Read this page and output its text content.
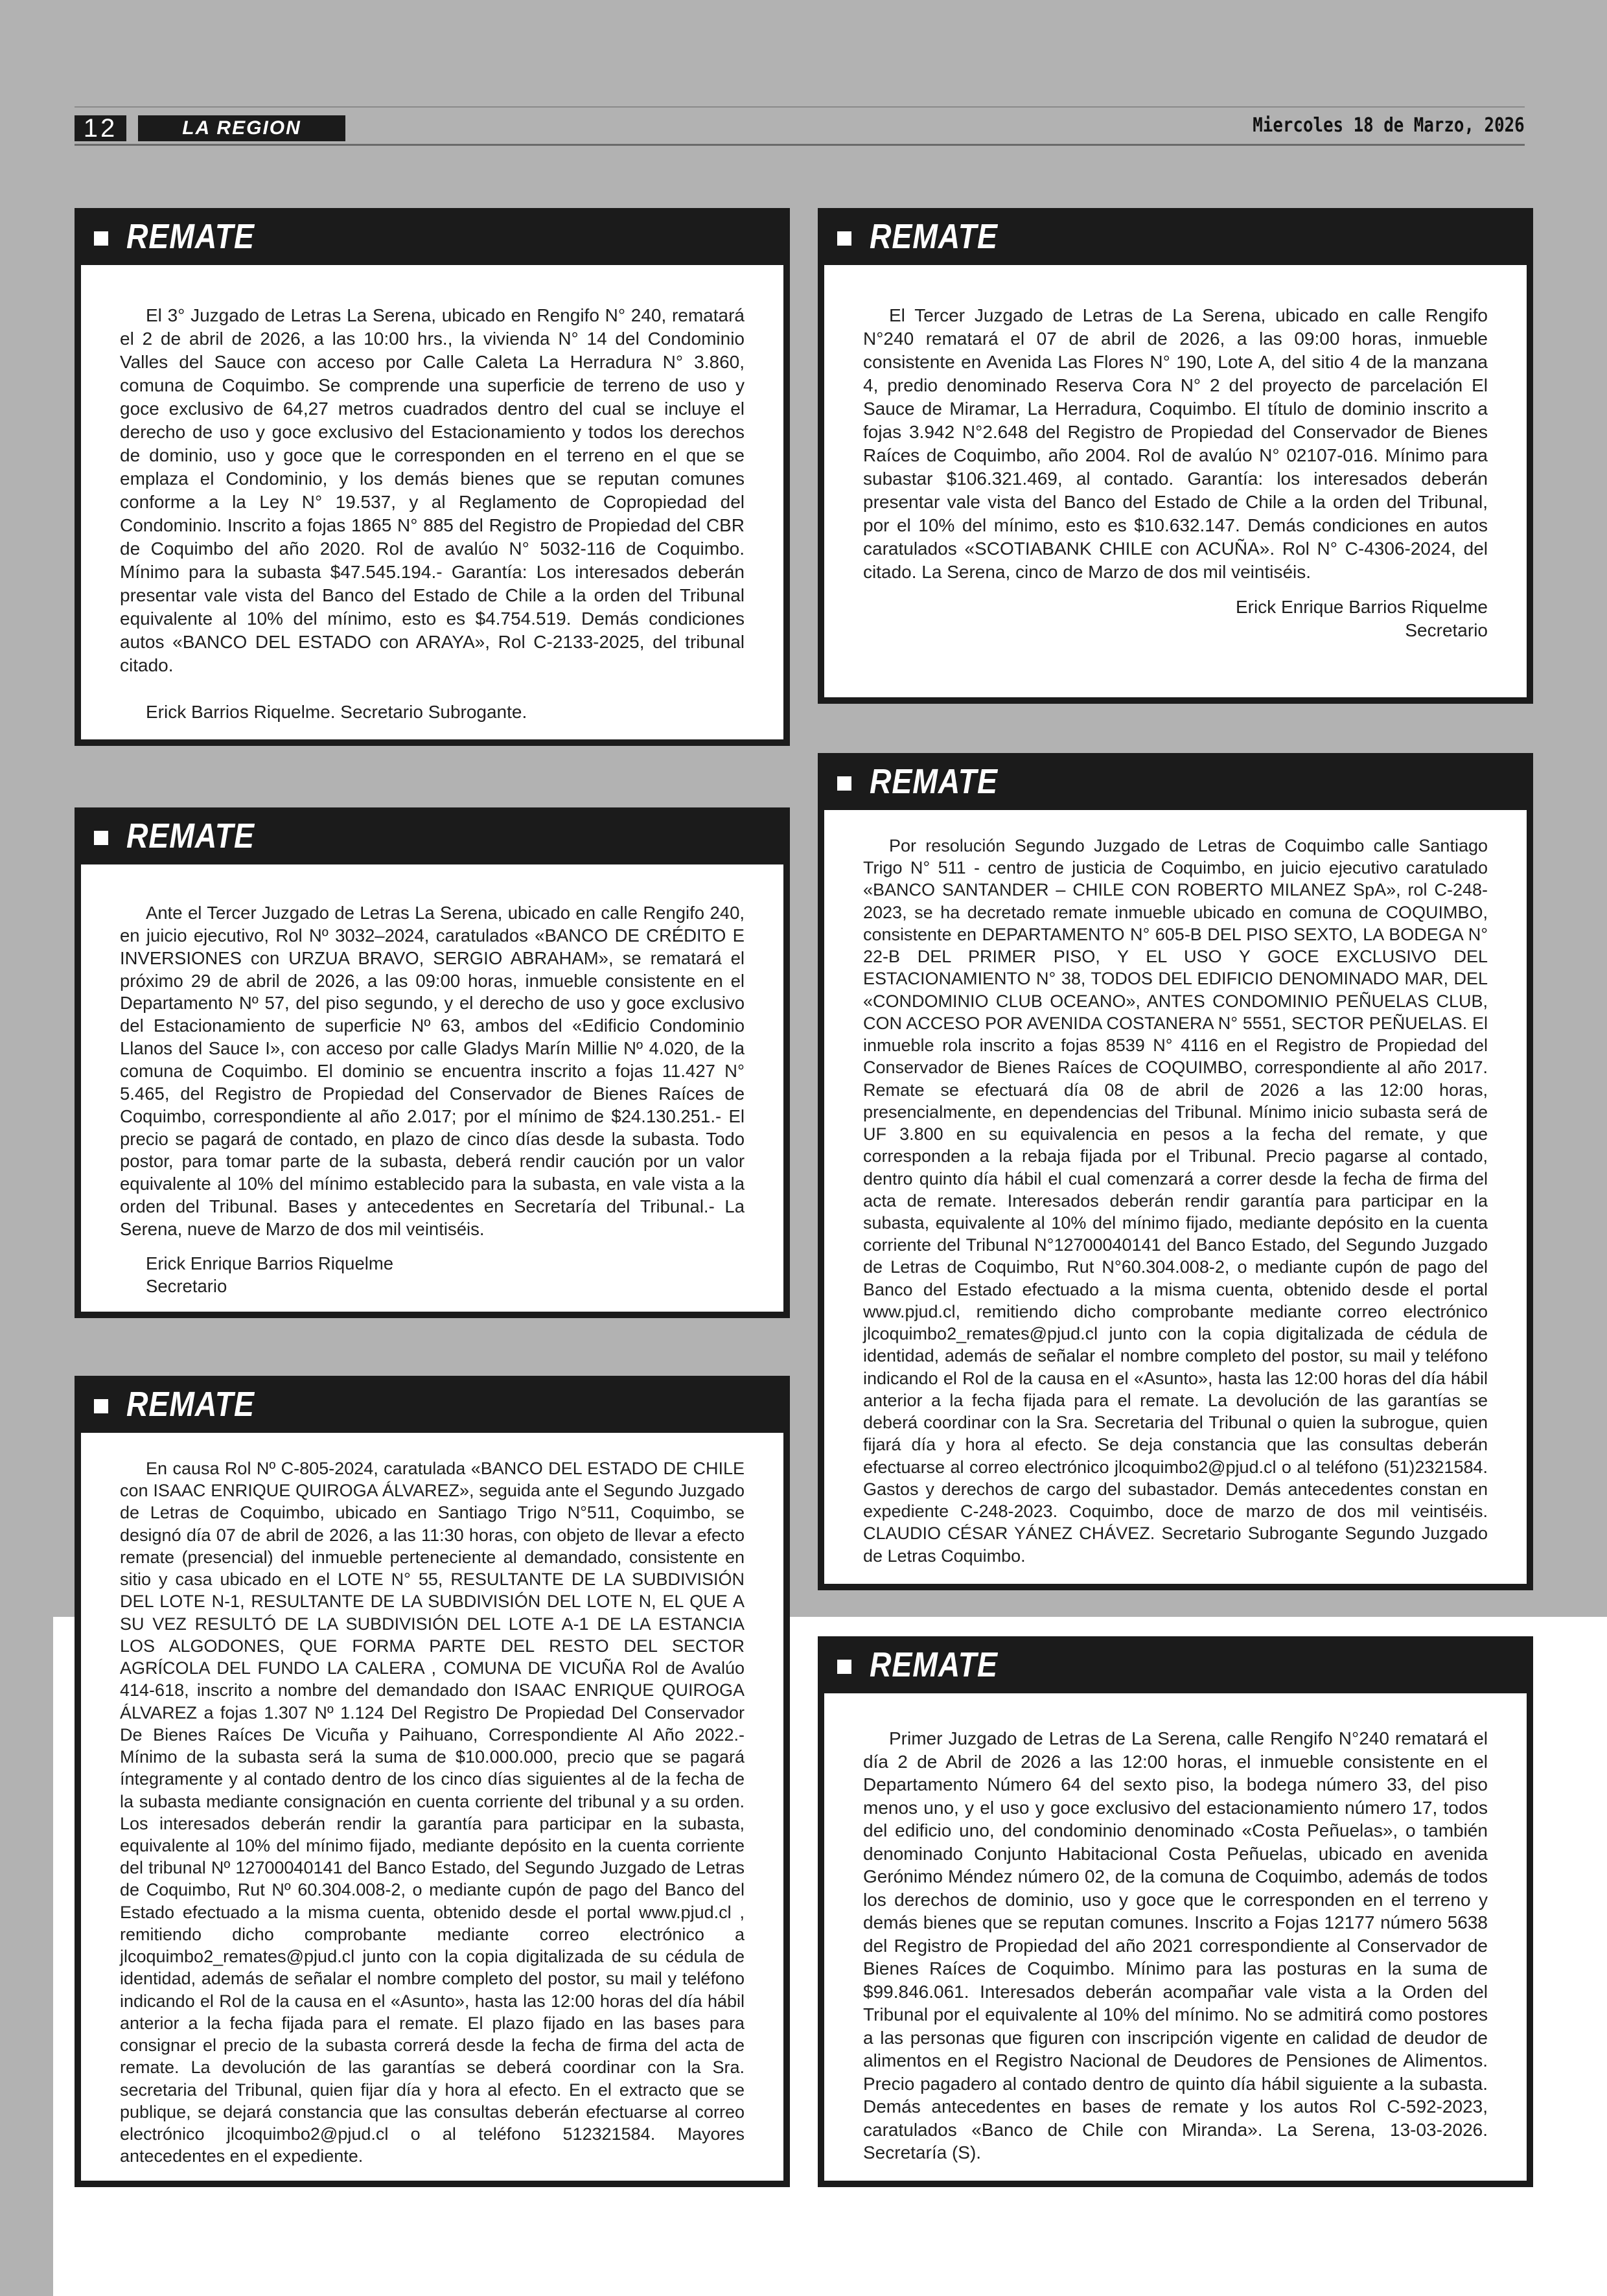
12	LA REGION	Miercoles 18 de Marzo, 2026
REMATE

El 3° Juzgado de Letras La Serena, ubicado en Rengifo N° 240, rematará el 2 de abril de 2026, a las 10:00 hrs., la vivienda N° 14 del Condominio Valles del Sauce con acceso por Calle Caleta La Herradura N° 3.860, comuna de Coquimbo. Se comprende una superficie de terreno de uso y goce exclusivo de 64,27 metros cuadrados dentro del cual se incluye el derecho de uso y goce exclusivo del Estacionamiento y todos los derechos de dominio, uso y goce que le corresponden en el terreno en el que se emplaza el Condominio, y los demás bienes que se reputan comunes conforme a la Ley N° 19.537, y al Reglamento de Copropiedad del Condominio. Inscrito a fojas 1865 N° 885 del Registro de Propiedad del CBR de Coquimbo del año 2020. Rol de avalúo N° 5032-116 de Coquimbo. Mínimo para la subasta $47.545.194.- Garantía: Los interesados deberán presentar vale vista del Banco del Estado de Chile a la orden del Tribunal equivalente al 10% del mínimo, esto es $4.754.519. Demás condiciones autos «BANCO DEL ESTADO con ARAYA», Rol C-2133-2025, del tribunal citado.

Erick Barrios Riquelme. Secretario Subrogante.

REMATE

Ante el Tercer Juzgado de Letras La Serena, ubicado en calle Rengifo 240, en juicio ejecutivo, Rol Nº 3032–2024, caratulados «BANCO DE CRÉDITO E INVERSIONES con URZUA BRAVO, SERGIO ABRAHAM», se rematará el próximo 29 de abril de 2026, a las 09:00 horas, inmueble consistente en el Departamento Nº 57, del piso segundo, y el derecho de uso y goce exclusivo del Estacionamiento de superficie Nº 63, ambos del «Edificio Condominio Llanos del Sauce I», con acceso por calle Gladys Marín Millie Nº 4.020, de la comuna de Coquimbo. El dominio se encuentra inscrito a fojas 11.427 N° 5.465, del Registro de Propiedad del Conservador de Bienes Raíces de Coquimbo, correspondiente al año 2.017; por el mínimo de $24.130.251.- El precio se pagará de contado, en plazo de cinco días desde la subasta. Todo postor, para tomar parte de la subasta, deberá rendir caución por un valor equivalente al 10% del mínimo establecido para la subasta, en vale vista a la orden del Tribunal. Bases y antecedentes en Secretaría del Tribunal.- La Serena, nueve de Marzo de dos mil veintiséis.

Erick Enrique Barrios Riquelme

Secretario

REMATE

En causa Rol Nº C-805-2024, caratulada «BANCO DEL ESTADO DE CHILE con ISAAC ENRIQUE QUIROGA ÁLVAREZ», seguida ante el Segundo Juzgado de Letras de Coquimbo, ubicado en Santiago Trigo N°511, Coquimbo, se designó día 07 de abril de 2026, a las 11:30 horas, con objeto de llevar a efecto remate (presencial) del inmueble perteneciente al demandado, consistente en sitio y casa ubicado en el LOTE N° 55, RESULTANTE DE LA SUBDIVISIÓN DEL LOTE N-1, RESULTANTE DE LA SUBDIVISIÓN DEL LOTE N, EL QUE A SU VEZ RESULTÓ DE LA SUBDIVISIÓN DEL LOTE A-1 DE LA ESTANCIA LOS ALGODONES, QUE FORMA PARTE DEL RESTO DEL SECTOR AGRÍCOLA DEL FUNDO LA CALERA , COMUNA DE VICUÑA Rol de Avalúo 414-618, inscrito a nombre del demandado don ISAAC ENRIQUE QUIROGA ÁLVAREZ a fojas 1.307 Nº 1.124 Del Registro De Propiedad Del Conservador De Bienes Raíces De Vicuña y Paihuano, Correspondiente Al Año 2022.- Mínimo de la subasta será la suma de $10.000.000, precio que se pagará íntegramente y al contado dentro de los cinco días siguientes al de la fecha de la subasta mediante consignación en cuenta corriente del tribunal y a su orden. Los interesados deberán rendir la garantía para participar en la subasta, equivalente al 10% del mínimo fijado, mediante depósito en la cuenta corriente del tribunal Nº 12700040141 del Banco Estado, del Segundo Juzgado de Letras de Coquimbo, Rut Nº 60.304.008-2, o mediante cupón de pago del Banco del Estado efectuado a la misma cuenta, obtenido desde el portal www.pjud.cl , remitiendo dicho comprobante mediante correo electrónico a jlcoquimbo2_remates@pjud.cl junto con la copia digitalizada de su cédula de identidad, además de señalar el nombre completo del postor, su mail y teléfono indicando el Rol de la causa en el «Asunto», hasta las 12:00 horas del día hábil anterior a la fecha fijada para el remate. El plazo fijado en las bases para consignar el precio de la subasta correrá desde la fecha de firma del acta de remate. La devolución de las garantías se deberá coordinar con la Sra. secretaria del Tribunal, quien fijar día y hora al efecto. En el extracto que se publique, se dejará constancia que las consultas deberán efectuarse al correo electrónico jlcoquimbo2@pjud.cl o al teléfono 512321584. Mayores antecedentes en el expediente.

REMATE

El Tercer Juzgado de Letras de La Serena, ubicado en calle Rengifo N°240 rematará el 07 de abril de 2026, a las 09:00 horas, inmueble consistente en Avenida Las Flores N° 190, Lote A, del sitio 4 de la manzana 4, predio denominado Reserva Cora N° 2 del proyecto de parcelación El Sauce de Miramar, La Herradura, Coquimbo. El título de dominio inscrito a fojas 3.942 N°2.648 del Registro de Propiedad del Conservador de Bienes Raíces de Coquimbo, año 2004. Rol de avalúo N° 02107-016. Mínimo para subastar $106.321.469, al contado. Garantía: los interesados deberán presentar vale vista del Banco del Estado de Chile a la orden del Tribunal, por el 10% del mínimo, esto es $10.632.147. Demás condiciones en autos caratulados «SCOTIABANK CHILE con ACUÑA». Rol N° C-4306-2024, del citado. La Serena, cinco de Marzo de dos mil veintiséis.

Erick Enrique Barrios Riquelme

Secretario

REMATE

Por resolución Segundo Juzgado de Letras de Coquimbo calle Santiago Trigo N° 511 - centro de justicia de Coquimbo, en juicio ejecutivo caratulado «BANCO SANTANDER – CHILE CON ROBERTO MILANEZ SpA», rol C-248-2023, se ha decretado remate inmueble ubicado en comuna de COQUIMBO, consistente en DEPARTAMENTO N° 605-B DEL PISO SEXTO, LA BODEGA N° 22-B DEL PRIMER PISO, Y EL USO Y GOCE EXCLUSIVO DEL ESTACIONAMIENTO N° 38, TODOS DEL EDIFICIO DENOMINADO MAR, DEL «CONDOMINIO CLUB OCEANO», ANTES CONDOMINIO PEÑUELAS CLUB, CON ACCESO POR AVENIDA COSTANERA N° 5551, SECTOR PEÑUELAS. El inmueble rola inscrito a fojas 8539 N° 4116 en el Registro de Propiedad del Conservador de Bienes Raíces de COQUIMBO, correspondiente al año 2017. Remate se efectuará día 08 de abril de 2026 a las 12:00 horas, presencialmente, en dependencias del Tribunal. Mínimo inicio subasta será de UF 3.800 en su equivalencia en pesos a la fecha del remate, y que corresponden a la rebaja fijada por el Tribunal. Precio pagarse al contado, dentro quinto día hábil el cual comenzará a correr desde la fecha de firma del acta de remate. Interesados deberán rendir garantía para participar en la subasta, equivalente al 10% del mínimo fijado, mediante depósito en la cuenta corriente del Tribunal N°12700040141 del Banco Estado, del Segundo Juzgado de Letras de Coquimbo, Rut N°60.304.008-2, o mediante cupón de pago del Banco del Estado efectuado a la misma cuenta, obtenido desde el portal www.pjud.cl, remitiendo dicho comprobante mediante correo electrónico jlcoquimbo2_remates@pjud.cl junto con la copia digitalizada de cédula de identidad, además de señalar el nombre completo del postor, su mail y teléfono indicando el Rol de la causa en el «Asunto», hasta las 12:00 horas del día hábil anterior a la fecha fijada para el remate. La devolución de las garantías se deberá coordinar con la Sra. Secretaria del Tribunal o quien la subrogue, quien fijará día y hora al efecto. Se deja constancia que las consultas deberán efectuarse al correo electrónico jlcoquimbo2@pjud.cl o al teléfono (51)2321584. Gastos y derechos de cargo del subastador. Demás antecedentes constan en expediente C-248-2023. Coquimbo, doce de marzo de dos mil veintiséis. CLAUDIO CÉSAR YÁNEZ CHÁVEZ. Secretario Subrogante Segundo Juzgado de Letras Coquimbo.

REMATE

Primer Juzgado de Letras de La Serena, calle Rengifo N°240 rematará el día 2 de Abril de 2026 a las 12:00 horas, el inmueble consistente en el Departamento Número 64 del sexto piso, la bodega número 33, del piso menos uno, y el uso y goce exclusivo del estacionamiento número 17, todos del edificio uno, del condominio denominado «Costa Peñuelas», o también denominado Conjunto Habitacional Costa Peñuelas, ubicado en avenida Gerónimo Méndez número 02, de la comuna de Coquimbo, además de todos los derechos de dominio, uso y goce que le corresponden en el terreno y demás bienes que se reputan comunes. Inscrito a Fojas 12177 número 5638 del Registro de Propiedad del año 2021 correspondiente al Conservador de Bienes Raíces de Coquimbo. Mínimo para las posturas en la suma de $99.846.061. Interesados deberán acompañar vale vista a la Orden del Tribunal por el equivalente al 10% del mínimo. No se admitirá como postores a las personas que figuren con inscripción vigente en calidad de deudor de alimentos en el Registro Nacional de Deudores de Pensiones de Alimentos. Precio pagadero al contado dentro de quinto día hábil siguiente a la subasta. Demás antecedentes en bases de remate y los autos Rol C-592-2023, caratulados «Banco de Chile con Miranda». La Serena, 13-03-2026. Secretaría (S).
